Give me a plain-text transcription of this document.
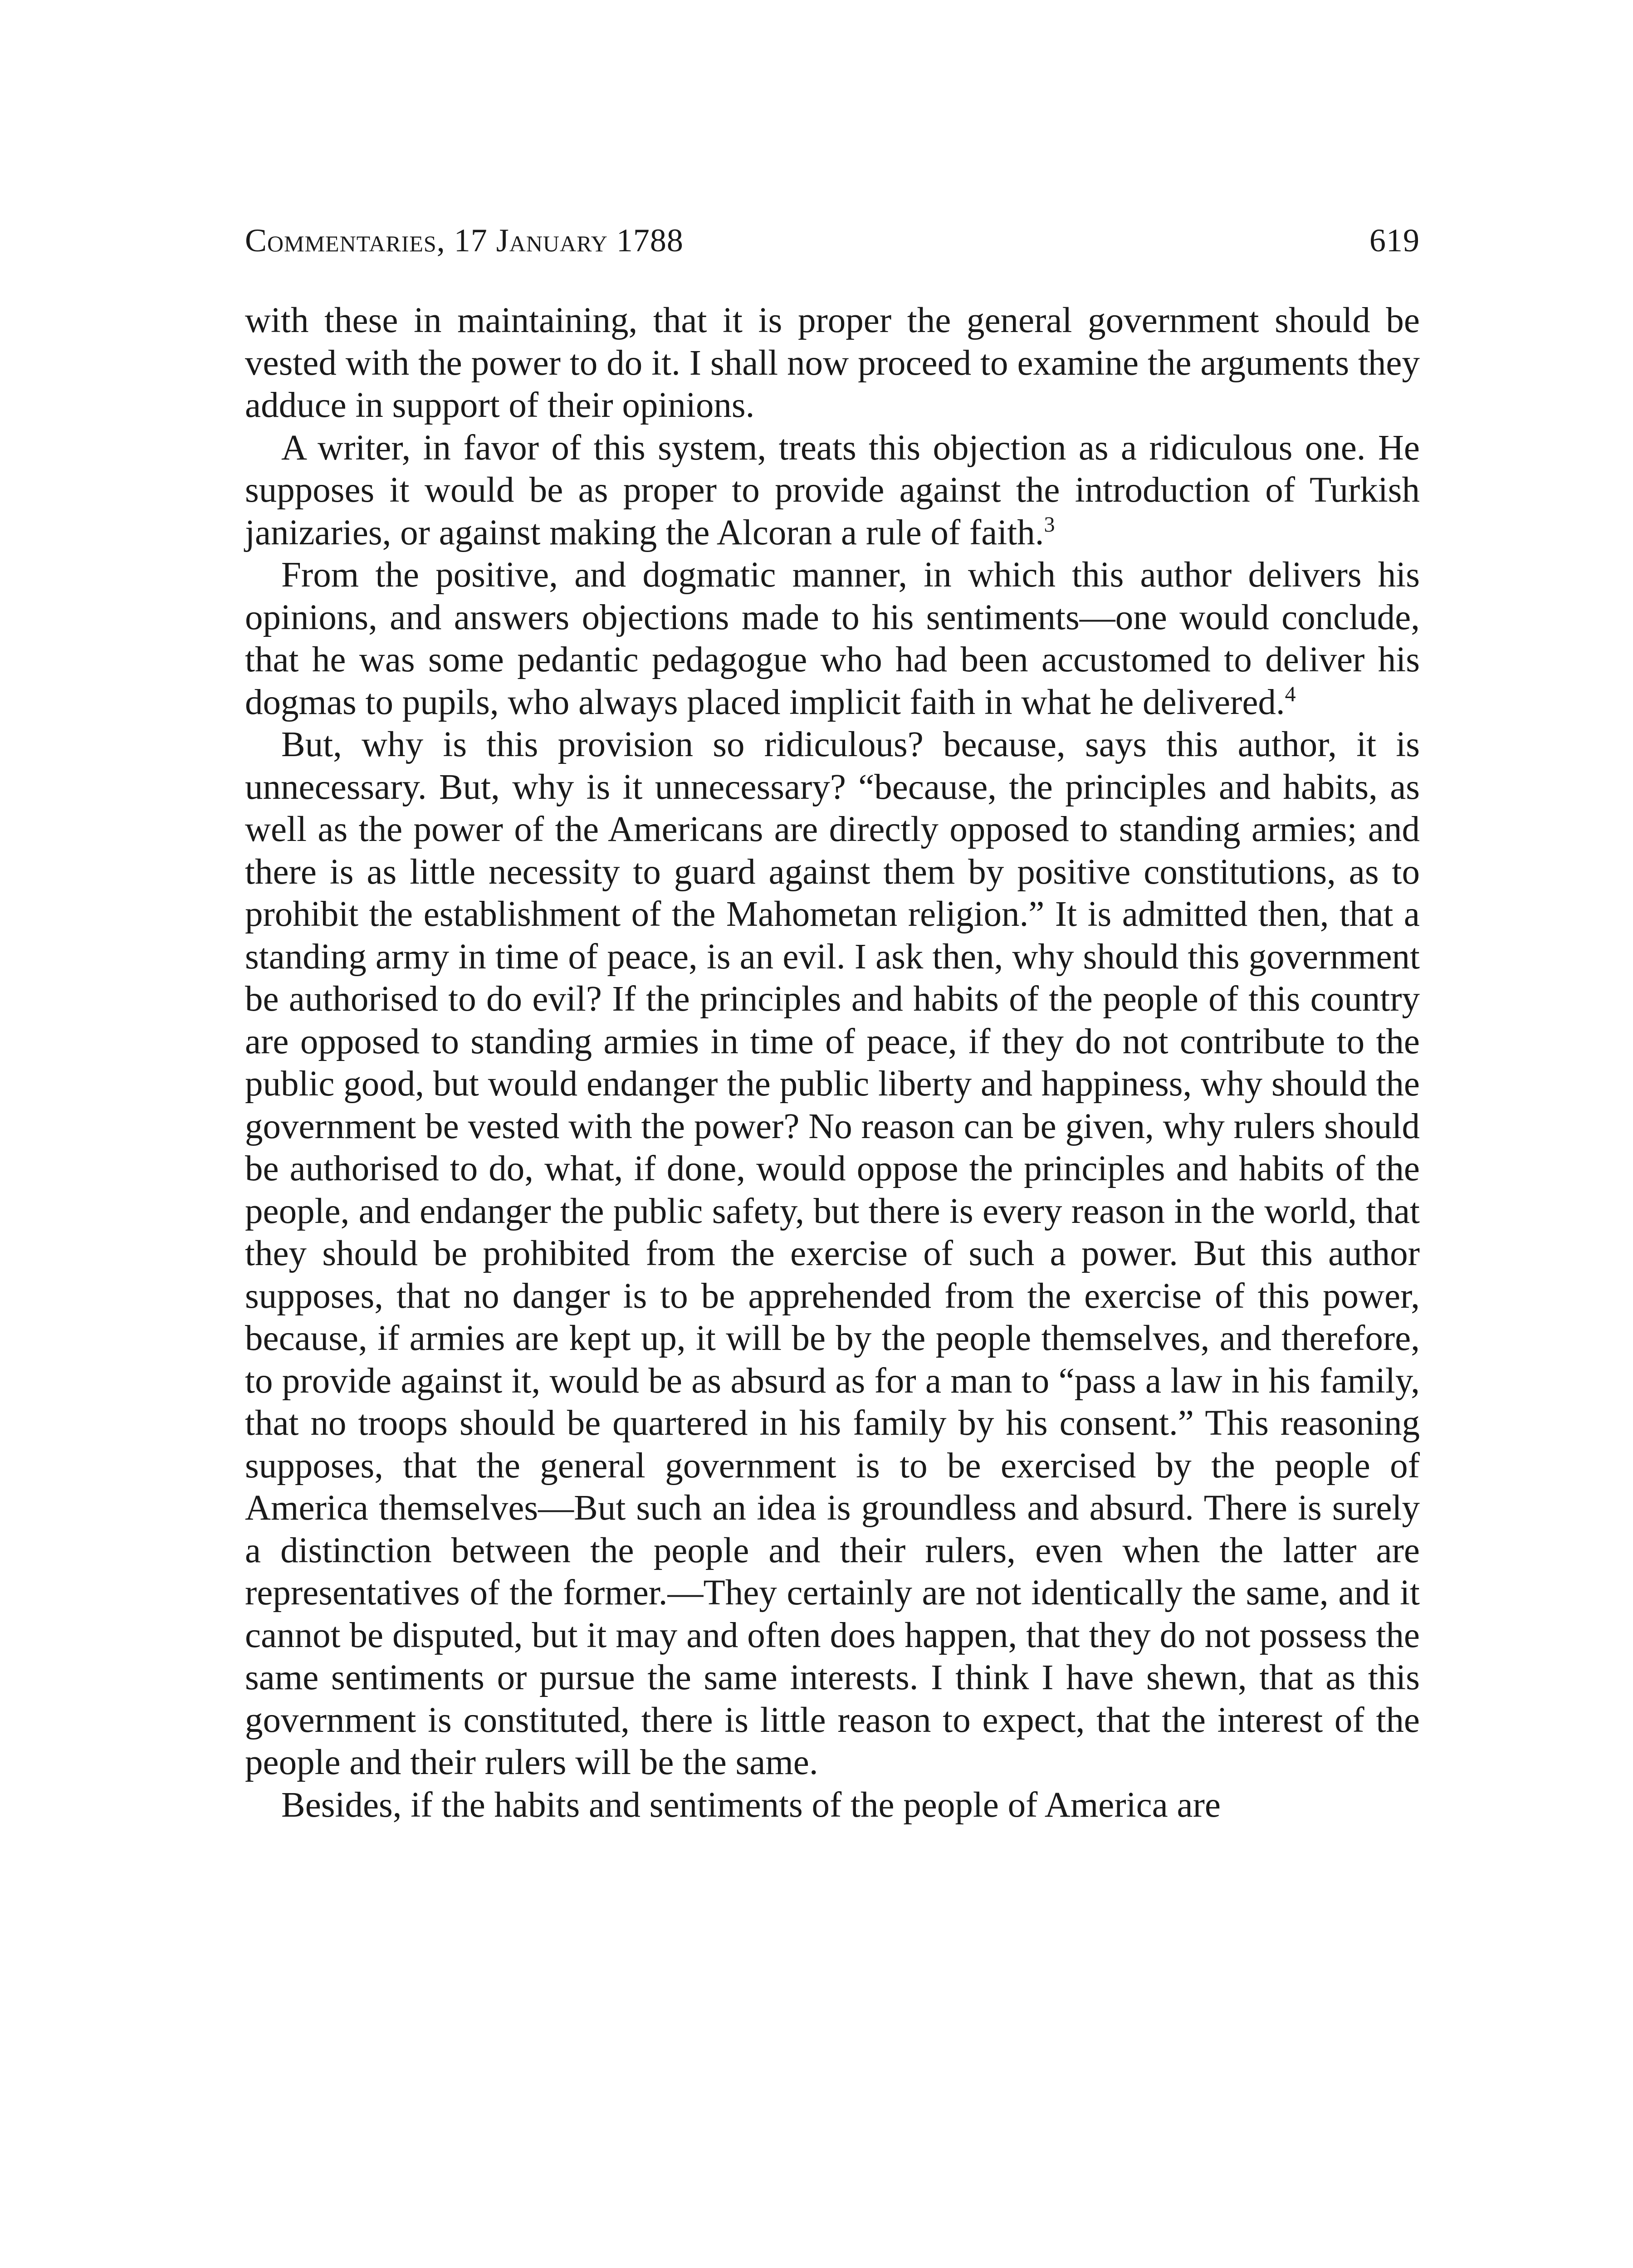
Commentaries, 17 January 1788	619

with these in maintaining, that it is proper the general government should be vested with the power to do it. I shall now proceed to examine the arguments they adduce in support of their opinions.

A writer, in favor of this system, treats this objection as a ridiculous one. He supposes it would be as proper to provide against the introduction of Turkish janizaries, or against making the Alcoran a rule of faith.$^3$

From the positive, and dogmatic manner, in which this author delivers his opinions, and answers objections made to his sentiments—one would conclude, that he was some pedantic pedagogue who had been accustomed to deliver his dogmas to pupils, who always placed implicit faith in what he delivered.$^4$

But, why is this provision so ridiculous? because, says this author, it is unnecessary. But, why is it unnecessary? “because, the principles and habits, as well as the power of the Americans are directly opposed to standing armies; and there is as little necessity to guard against them by positive constitutions, as to prohibit the establishment of the Mahometan religion.” It is admitted then, that a standing army in time of peace, is an evil. I ask then, why should this government be authorised to do evil? If the principles and habits of the people of this country are opposed to standing armies in time of peace, if they do not contribute to the public good, but would endanger the public liberty and happiness, why should the government be vested with the power? No reason can be given, why rulers should be authorised to do, what, if done, would oppose the principles and habits of the people, and endanger the public safety, but there is every reason in the world, that they should be prohibited from the exercise of such a power. But this author supposes, that no danger is to be apprehended from the exercise of this power, because, if armies are kept up, it will be by the people themselves, and therefore, to provide against it, would be as absurd as for a man to “pass a law in his family, that no troops should be quartered in his family by his consent.” This reasoning supposes, that the general government is to be exercised by the people of America themselves—But such an idea is groundless and absurd. There is surely a distinction between the people and their rulers, even when the latter are representatives of the former.—They certainly are not identically the same, and it cannot be disputed, but it may and often does happen, that they do not possess the same sentiments or pursue the same interests. I think I have shewn, that as this government is constituted, there is little reason to expect, that the interest of the people and their rulers will be the same.

Besides, if the habits and sentiments of the people of America are
